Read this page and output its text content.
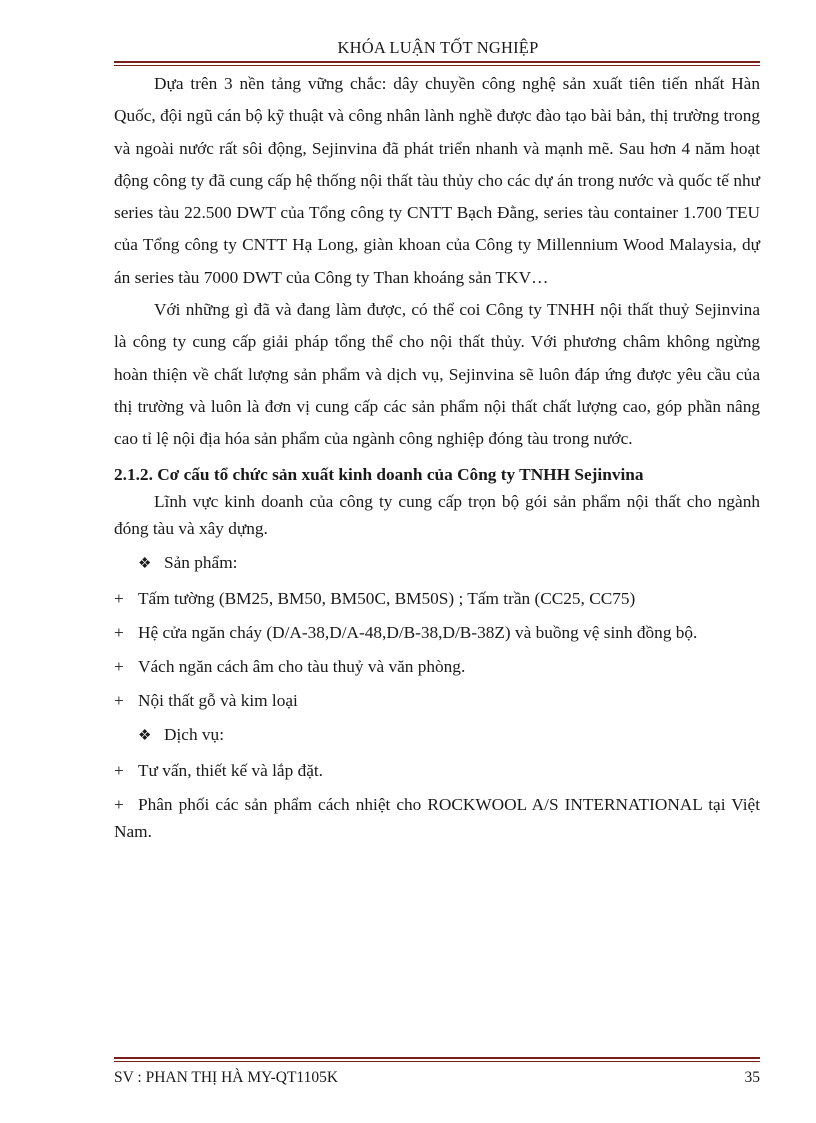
KHÓA LUẬN TỐT NGHIỆP

Dựa trên 3 nền tảng vững chắc: dây chuyền công nghệ sản xuất tiên tiến nhất Hàn Quốc, đội ngũ cán bộ kỹ thuật và công nhân lành nghề được đào tạo bài bản, thị trường trong và ngoài nước rất sôi động, Sejinvina đã phát triển nhanh và mạnh mẽ. Sau hơn 4 năm hoạt động công ty đã cung cấp hệ thống nội thất tàu thủy cho các dự án trong nước và quốc tế như series tàu 22.500 DWT của Tổng công ty CNTT Bạch Đằng, series tàu container 1.700 TEU của Tổng công ty CNTT Hạ Long, giàn khoan của Công ty Millennium Wood Malaysia, dự án series tàu 7000 DWT của Công ty Than khoáng sản TKV…

Với những gì đã và đang làm được, có thể coi Công ty TNHH nội thất thuỷ Sejinvina là công ty cung cấp giải pháp tổng thể cho nội thất thủy. Với phương châm không ngừng hoàn thiện về chất lượng sản phẩm và dịch vụ, Sejinvina sẽ luôn đáp ứng được yêu cầu của thị trường và luôn là đơn vị cung cấp các sản phẩm nội thất chất lượng cao, góp phần nâng cao tỉ lệ nội địa hóa sản phẩm của ngành công nghiệp đóng tàu trong nước.

2.1.2. Cơ cấu tổ chức sản xuất kinh doanh của Công ty TNHH Sejinvina

Lĩnh vực kinh doanh của công ty cung cấp trọn bộ gói sản phẩm nội thất cho ngành đóng tàu và xây dựng.

❖ Sản phẩm:

+ Tấm tường (BM25, BM50, BM50C, BM50S) ; Tấm trần (CC25, CC75)

+ Hệ cửa ngăn cháy (D/A-38,D/A-48,D/B-38,D/B-38Z) và buồng vệ sinh đồng bộ.

+ Vách ngăn cách âm cho tàu thuỷ và văn phòng.

+ Nội thất gỗ và kim loại

❖ Dịch vụ:

+ Tư vấn, thiết kế và lắp đặt.

+ Phân phối các sản phẩm cách nhiệt cho ROCKWOOL A/S INTERNATIONAL tại Việt Nam.

SV : PHAN THỊ HÀ MY-QT1105K	35
